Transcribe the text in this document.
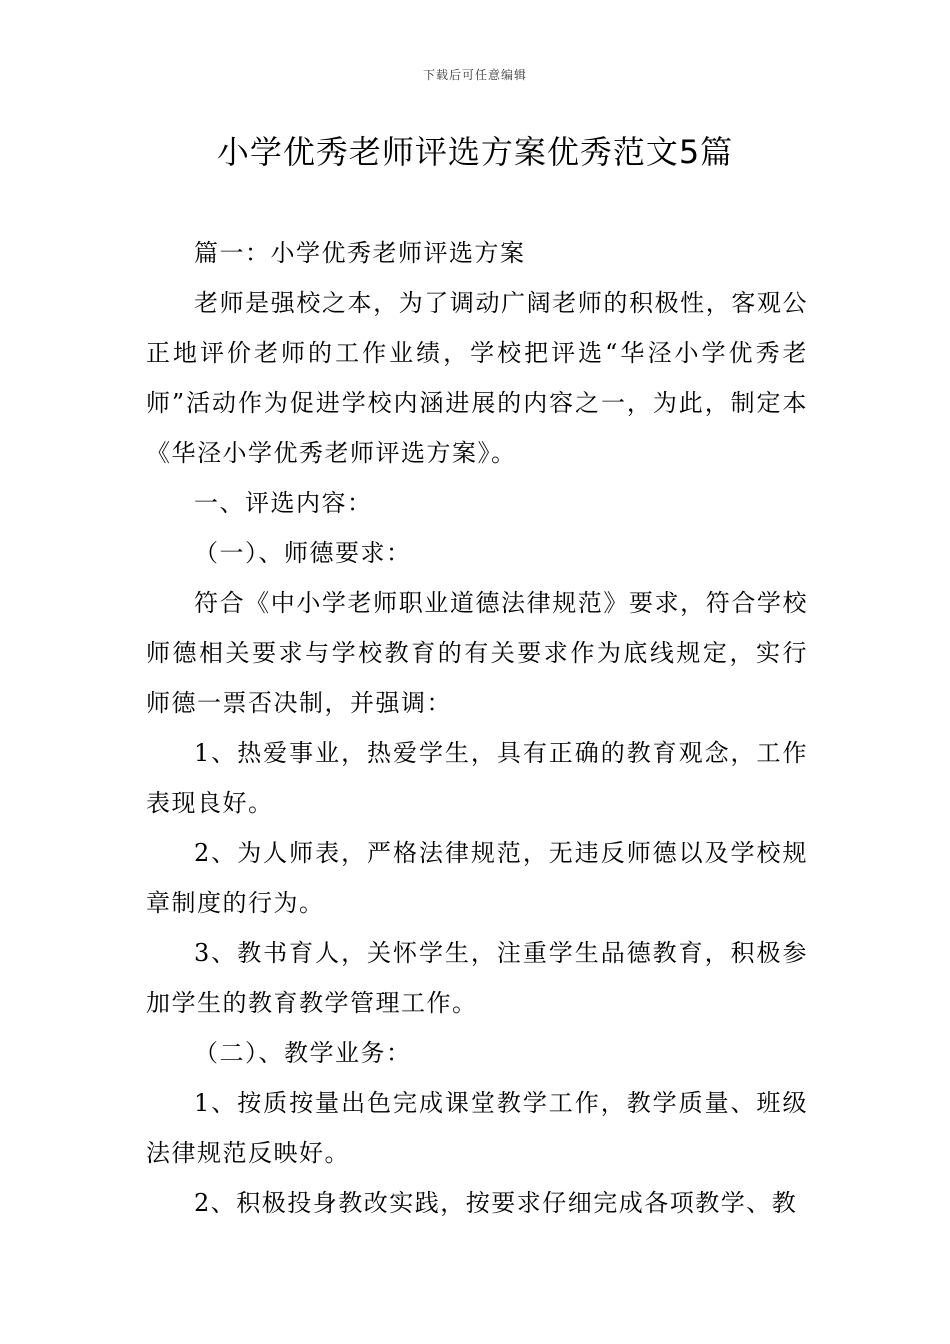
下载后可任意编辑
小学优秀老师评选方案优秀范文5篇

篇一：小学优秀老师评选方案

老师是强校之本，为了调动广阔老师的积极性，客观公正地评价老师的工作业绩，学校把评选“华泾小学优秀老师”活动作为促进学校内涵进展的内容之一，为此，制定本《华泾小学优秀老师评选方案》。

一、评选内容：

（一）、师德要求：

符合《中小学老师职业道德法律规范》要求，符合学校师德相关要求与学校教育的有关要求作为底线规定，实行师德一票否决制，并强调：

1、热爱事业，热爱学生，具有正确的教育观念，工作表现良好。

2、为人师表，严格法律规范，无违反师德以及学校规章制度的行为。

3、教书育人，关怀学生，注重学生品德教育，积极参加学生的教育教学管理工作。

（二）、教学业务：

1、按质按量出色完成课堂教学工作，教学质量、班级法律规范反映好。

2、积极投身教改实践，按要求仔细完成各项教学、教
